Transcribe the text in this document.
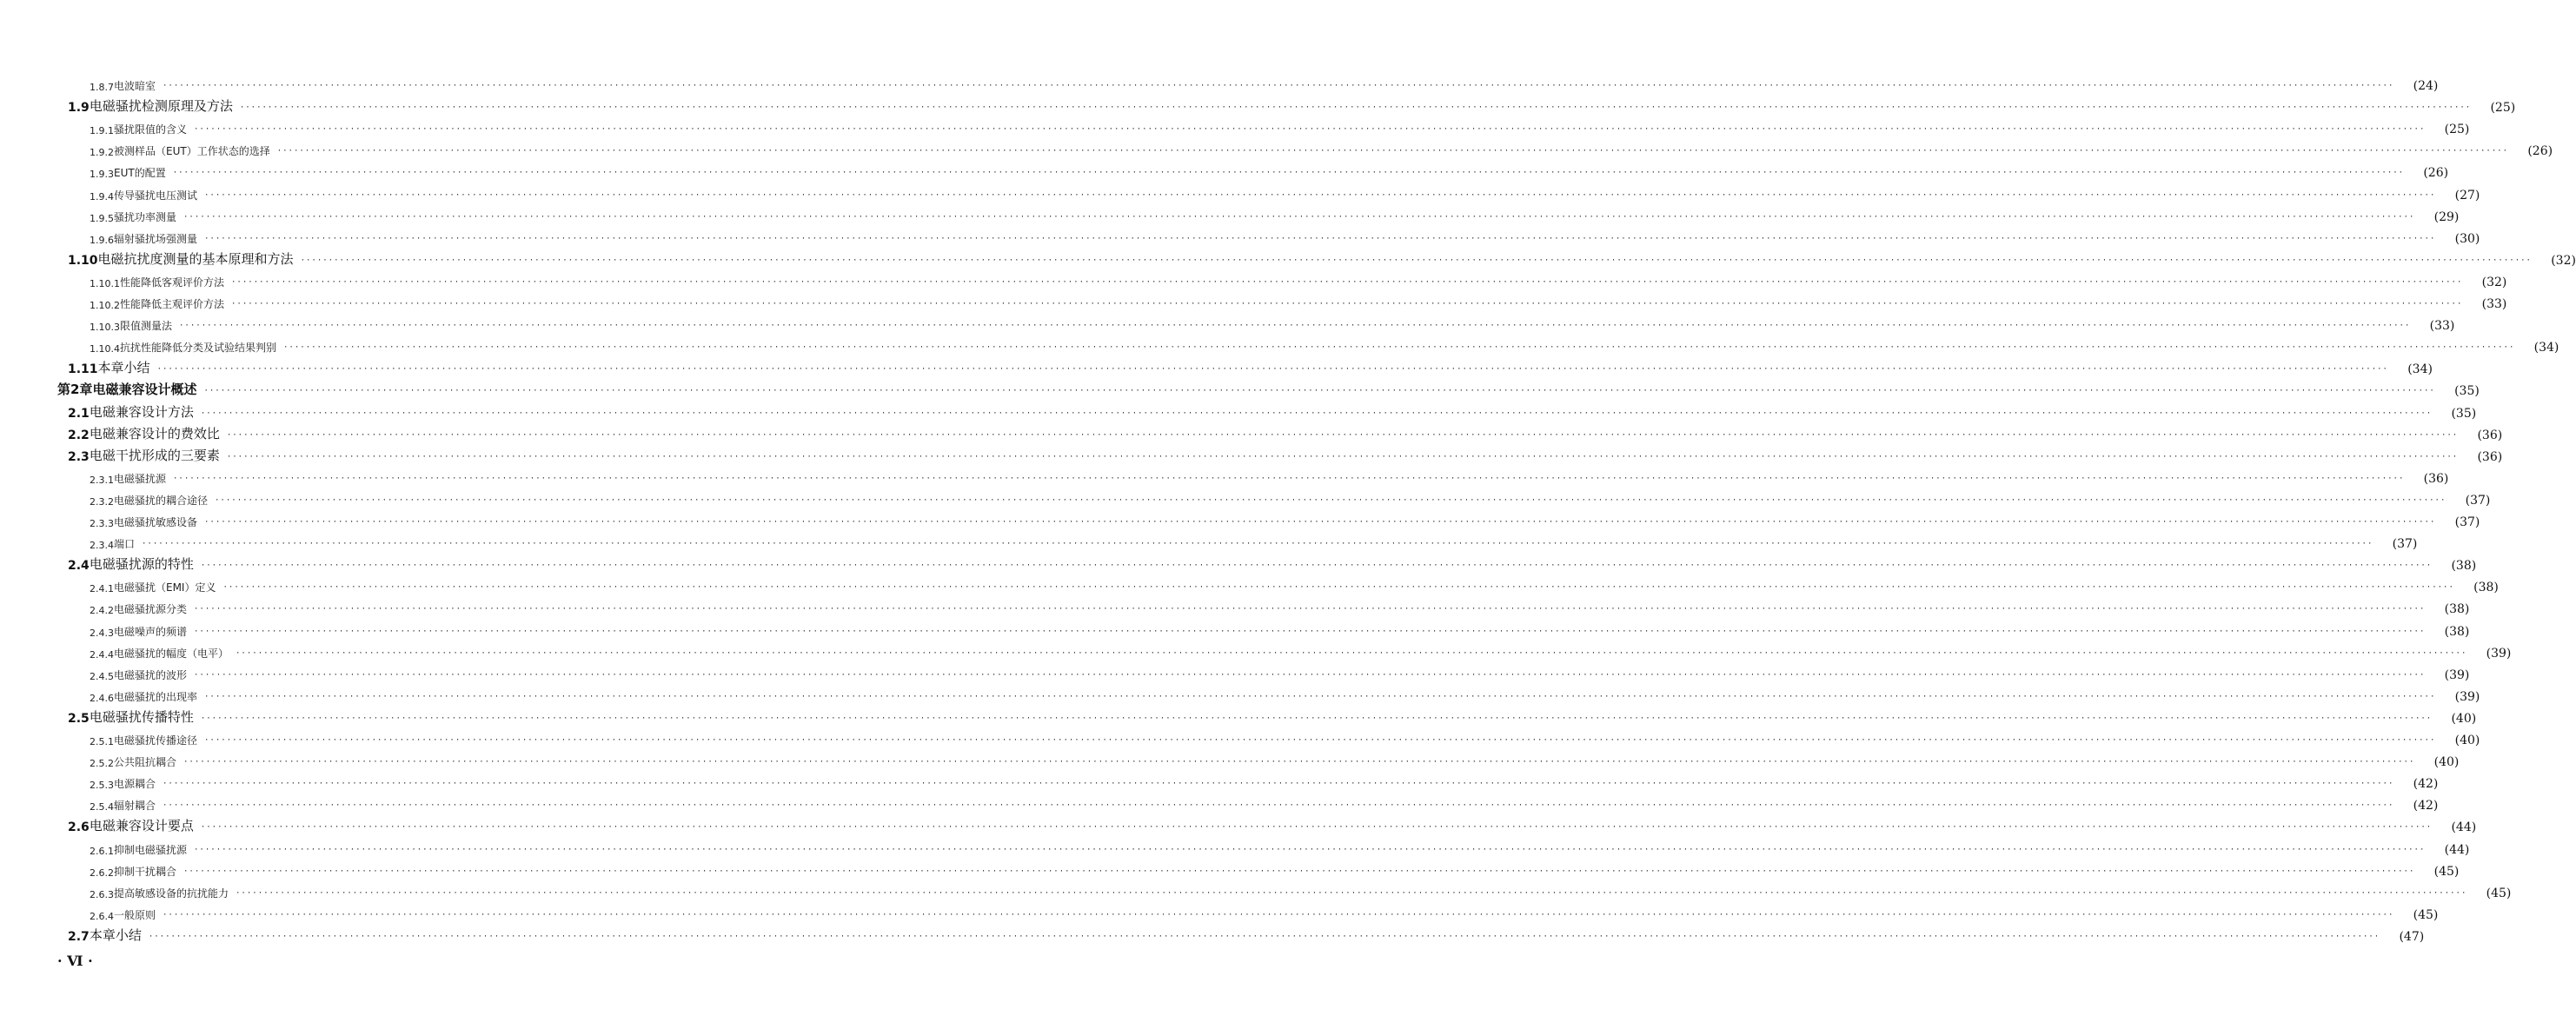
1.8.7 电波暗室 ················································································································································································································································································································································································································	(24)
1.9 电磁骚扰检测原理及方法 ················································································································································································································································································································································································································	(25)
1.9.1 骚扰限值的含义 ················································································································································································································································································································································································································	(25)
1.9.2 被测样品（EUT）工作状态的选择 ················································································································································································································································································································································································································	(26)
1.9.3 EUT的配置 ················································································································································································································································································································································································································	(26)
1.9.4 传导骚扰电压测试 ················································································································································································································································································································································································································	(27)
1.9.5 骚扰功率测量 ················································································································································································································································································································································································································	(29)
1.9.6 辐射骚扰场强测量 ················································································································································································································································································································································································································	(30)
1.10 电磁抗扰度测量的基本原理和方法 ················································································································································································································································································································································································································	(32)
1.10.1 性能降低客观评价方法 ················································································································································································································································································································································································································	(32)
1.10.2 性能降低主观评价方法 ················································································································································································································································································································································································································	(33)
1.10.3 限值测量法 ················································································································································································································································································································································································································	(33)
1.10.4 抗扰性能降低分类及试验结果判别 ················································································································································································································································································································································································································	(34)
1.11 本章小结 ················································································································································································································································································································································································································	(34)
第2章 电磁兼容设计概述 ················································································································································································································································································································································································································	(35)
2.1 电磁兼容设计方法 ················································································································································································································································································································································································································	(35)
2.2 电磁兼容设计的费效比 ················································································································································································································································································································································································································	(36)
2.3 电磁干扰形成的三要素 ················································································································································································································································································································································································································	(36)
2.3.1 电磁骚扰源 ················································································································································································································································································································································································································	(36)
2.3.2 电磁骚扰的耦合途径 ················································································································································································································································································································································································································	(37)
2.3.3 电磁骚扰敏感设备 ················································································································································································································································································································································································································	(37)
2.3.4 端口 ················································································································································································································································································································································································································	(37)
2.4 电磁骚扰源的特性 ················································································································································································································································································································································································································	(38)
2.4.1 电磁骚扰（EMI）定义 ················································································································································································································································································································································································································	(38)
2.4.2 电磁骚扰源分类 ················································································································································································································································································································································································································	(38)
2.4.3 电磁噪声的频谱 ················································································································································································································································································································································································································	(38)
2.4.4 电磁骚扰的幅度（电平） ················································································································································································································································································································································································································	(39)
2.4.5 电磁骚扰的波形 ················································································································································································································································································································································································································	(39)
2.4.6 电磁骚扰的出现率 ················································································································································································································································································································································································································	(39)
2.5 电磁骚扰传播特性 ················································································································································································································································································································································································································	(40)
2.5.1 电磁骚扰传播途径 ················································································································································································································································································································································································································	(40)
2.5.2 公共阻抗耦合 ················································································································································································································································································································································································································	(40)
2.5.3 电源耦合 ················································································································································································································································································································································································································	(42)
2.5.4 辐射耦合 ················································································································································································································································································································································································································	(42)
2.6 电磁兼容设计要点 ················································································································································································································································································································································································································	(44)
2.6.1 抑制电磁骚扰源 ················································································································································································································································································································································································································	(44)
2.6.2 抑制干扰耦合 ················································································································································································································································································································································································································	(45)
2.6.3 提高敏感设备的抗扰能力 ················································································································································································································································································································································································································	(45)
2.6.4 一般原则 ················································································································································································································································································································································································································	(45)
2.7 本章小结 ················································································································································································································································································································································································································	(47)
· Ⅵ ·
